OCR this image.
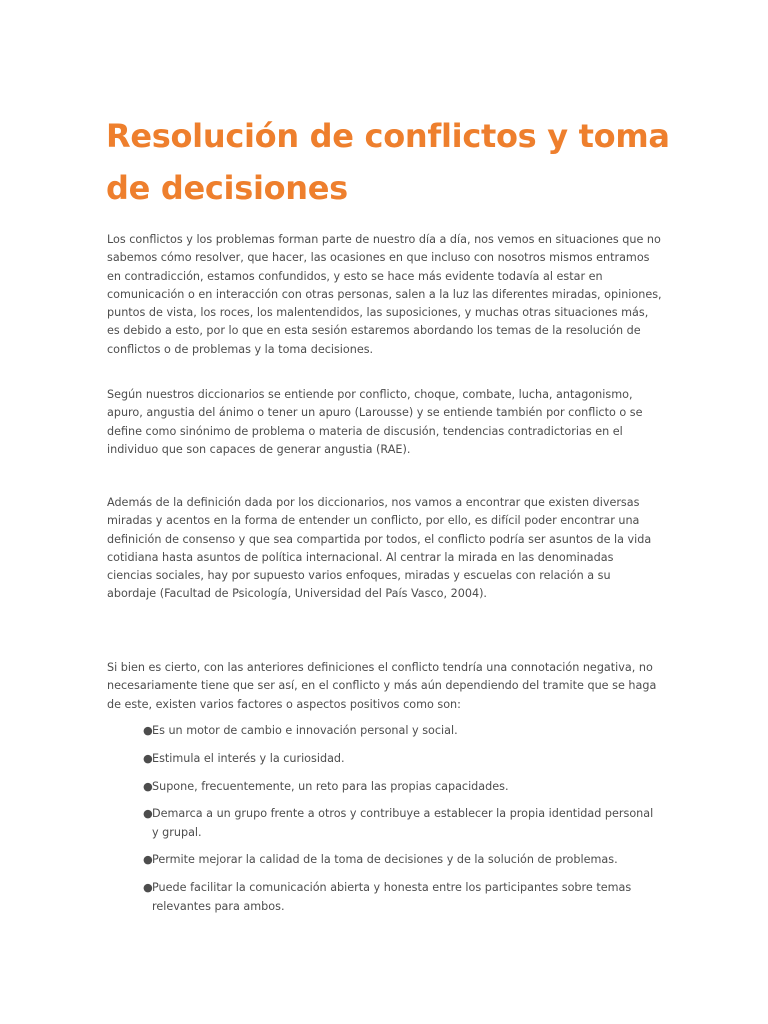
Resolución de conflictos y toma de decisiones

Los conflictos y los problemas forman parte de nuestro día a día, nos vemos en situaciones que no sabemos cómo resolver, que hacer, las ocasiones en que incluso con nosotros mismos entramos en contradicción, estamos confundidos, y esto se hace más evidente todavía al estar en comunicación o en interacción con otras personas, salen a la luz las diferentes miradas, opiniones, puntos de vista, los roces, los malentendidos, las suposiciones, y muchas otras situaciones más, es debido a esto, por lo que en esta sesión estaremos abordando los temas de la resolución de conflictos o de problemas y la toma decisiones.

Según nuestros diccionarios se entiende por conflicto, choque, combate, lucha, antagonismo, apuro, angustia del ánimo o tener un apuro (Larousse) y se entiende también por conflicto o se define como sinónimo de problema o materia de discusión, tendencias contradictorias en el individuo que son capaces de generar angustia (RAE).

Además de la definición dada por los diccionarios, nos vamos a encontrar que existen diversas miradas y acentos en la forma de entender un conflicto, por ello, es difícil poder encontrar una definición de consenso y que sea compartida por todos, el conflicto podría ser asuntos de la vida cotidiana hasta asuntos de política internacional. Al centrar la mirada en las denominadas ciencias sociales, hay por supuesto varios enfoques, miradas y escuelas con relación a su abordaje (Facultad de Psicología, Universidad del País Vasco, 2004).

Si bien es cierto, con las anteriores definiciones el conflicto tendría una connotación negativa, no necesariamente tiene que ser así, en el conflicto y más aún dependiendo del tramite que se haga de este, existen varios factores o aspectos positivos como son:

● Es un motor de cambio e innovación personal y social.
● Estimula el interés y la curiosidad.
● Supone, frecuentemente, un reto para las propias capacidades.
● Demarca a un grupo frente a otros y contribuye a establecer la propia identidad personal y grupal.
● Permite mejorar la calidad de la toma de decisiones y de la solución de problemas.
● Puede facilitar la comunicación abierta y honesta entre los participantes sobre temas relevantes para ambos.
